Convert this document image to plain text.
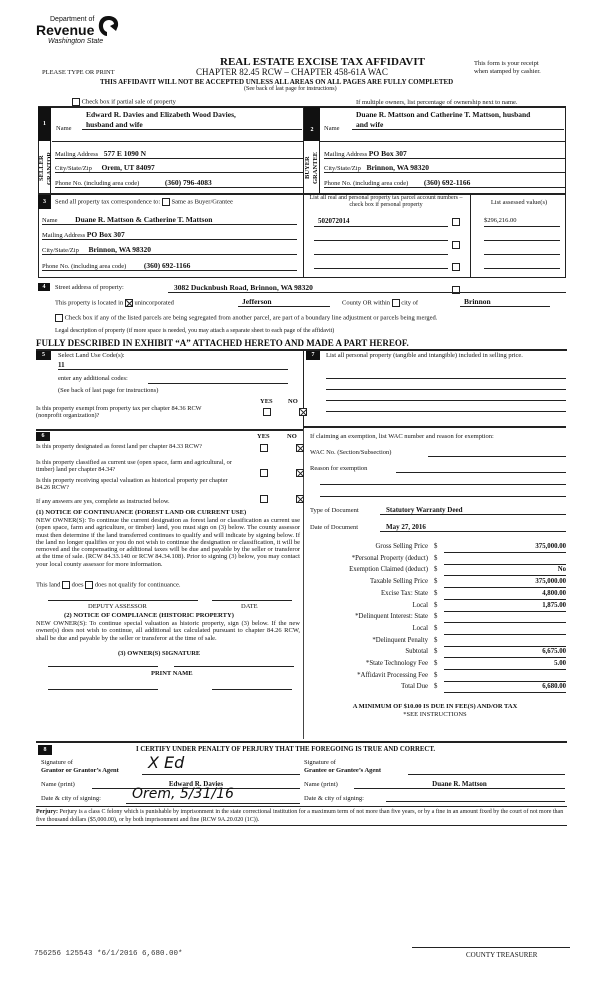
Department of
Revenue
Washington State
REAL ESTATE EXCISE TAX AFFIDAVIT	This form is your receipt
when stamped by cashier.
PLEASE TYPE OR PRINT	CHAPTER 82.45 RCW – CHAPTER 458-61A WAC
THIS AFFIDAVIT WILL NOT BE ACCEPTED UNLESS ALL AREAS ON ALL PAGES ARE FULLY COMPLETED
(See back of last page for instructions)
Check box if partial sale of property	If multiple owners, list percentage of ownership next to name.
1
SELLER GRANTOR
Name
Edward R. Davies and Elizabeth Wood Davies,
husband and wife
Mailing Address 577 E 1090 N
City/State/Zip Orem, UT 84097
Phone No. (including area code)	(360) 796-4083
2
BUYER GRANTEE
Name
Duane R. Mattson and Catherine T. Mattson, husband
and wife
Mailing Address PO Box 307
City/State/Zip Brinnon, WA 98320
Phone No. (including area code) (360) 692-1166
3	Send all property tax correspondence to: Same as Buyer/Grantee
Name Duane R. Mattson & Catherine T. Mattson
Mailing Address PO Box 307
City/State/Zip Brinnon, WA 98320
Phone No. (including area code) (360) 692-1166
List all real and personal property tax parcel account numbers – check box if personal property	List assessed value(s)
502072014	$296,216.00
4	Street address of property:	3082 Ducknbush Road, Brinnon, WA 98320
This property is located in unincorporated	Jefferson	County OR within city of	Brinnon
Check box if any of the listed parcels are being segregated from another parcel, are part of a boundary line adjustment or parcels being merged.
Legal description of property (if more space is needed, you may attach a separate sheet to each page of the affidavit)
FULLY DESCRIBED IN EXHIBIT “A” ATTACHED HERETO AND MADE A PART HEREOF.
5	Select Land Use Code(s):
11
enter any additional codes:
(See back of last page for instructions)
YES NO
Is this property exempt from property tax per chapter 84.36 RCW (nonprofit organization)?

6	YES	NO
Is this property designated as forest land per chapter 84.33 RCW?
Is this property classified as current use (open space, farm and agricultural, or timber) land per chapter 84.34?
Is this property receiving special valuation as historical property per chapter 84.26 RCW?
If any answers are yes, complete as instructed below.
(1) NOTICE OF CONTINUANCE (FOREST LAND OR CURRENT USE)
NEW OWNER(S): To continue the current designation as forest land or classification as current use (open space, farm and agriculture, or timber) land, you must sign on (3) below. The county assessor must then determine if the land transferred continues to qualify and will indicate by signing below. If the land no longer qualifies or you do not wish to continue the designation or classification, it will be removed and the compensating or additional taxes will be due and payable by the seller or transferor at the time of sale. (RCW 84.33.140 or RCW 84.34.108). Prior to signing (3) below, you may contact your local county assessor for more information.
This land does does not qualify for continuance.
DEPUTY ASSESSOR	DATE
(2) NOTICE OF COMPLIANCE (HISTORIC PROPERTY)
NEW OWNER(S): To continue special valuation as historic property, sign (3) below. If the new owner(s) does not wish to continue, all additional tax calculated pursuant to chapter 84.26 RCW, shall be due and payable by the seller or transferor at the time of sale.
(3) OWNER(S) SIGNATURE
PRINT NAME
7	List all personal property (tangible and intangible) included in selling price.
If claiming an exemption, list WAC number and reason for exemption:
WAC No. (Section/Subsection)
Reason for exemption
Type of Document	Statutory Warranty Deed
Date of Document	May 27, 2016
Gross Selling Price $	375,000.00
*Personal Property (deduct) $
Exemption Claimed (deduct) $	No
Taxable Selling Price $	375,000.00
Excise Tax: State $	4,800.00
Local $	1,875.00
*Delinquent Interest: State $
Local $
*Delinquent Penalty $
Subtotal $	6,675.00
*State Technology Fee $	5.00
*Affidavit Processing Fee $
Total Due $	6,680.00
A MINIMUM OF $10.00 IS DUE IN FEE(S) AND/OR TAX
*SEE INSTRUCTIONS
8	I CERTIFY UNDER PENALTY OF PERJURY THAT THE FOREGOING IS TRUE AND CORRECT.
Signature of
Grantor or Grantor’s Agent X Ed
Name (print)	Edward R. Davies
Date & city of signing: Orem, 5/31/16
Signature of
Grantee or Grantee’s Agent
Name (print)	Duane R. Mattson
Date & city of signing:
Perjury: Perjury is a class C felony which is punishable by imprisonment in the state correctional institution for a maximum term of not more than five years, or by a fine in an amount fixed by the court of not more than five thousand dollars ($5,000.00), or by both imprisonment and fine (RCW 9A.20.020 (1C)).
756256 125543 *6/1/2016 6,680.00*	COUNTY TREASURER
